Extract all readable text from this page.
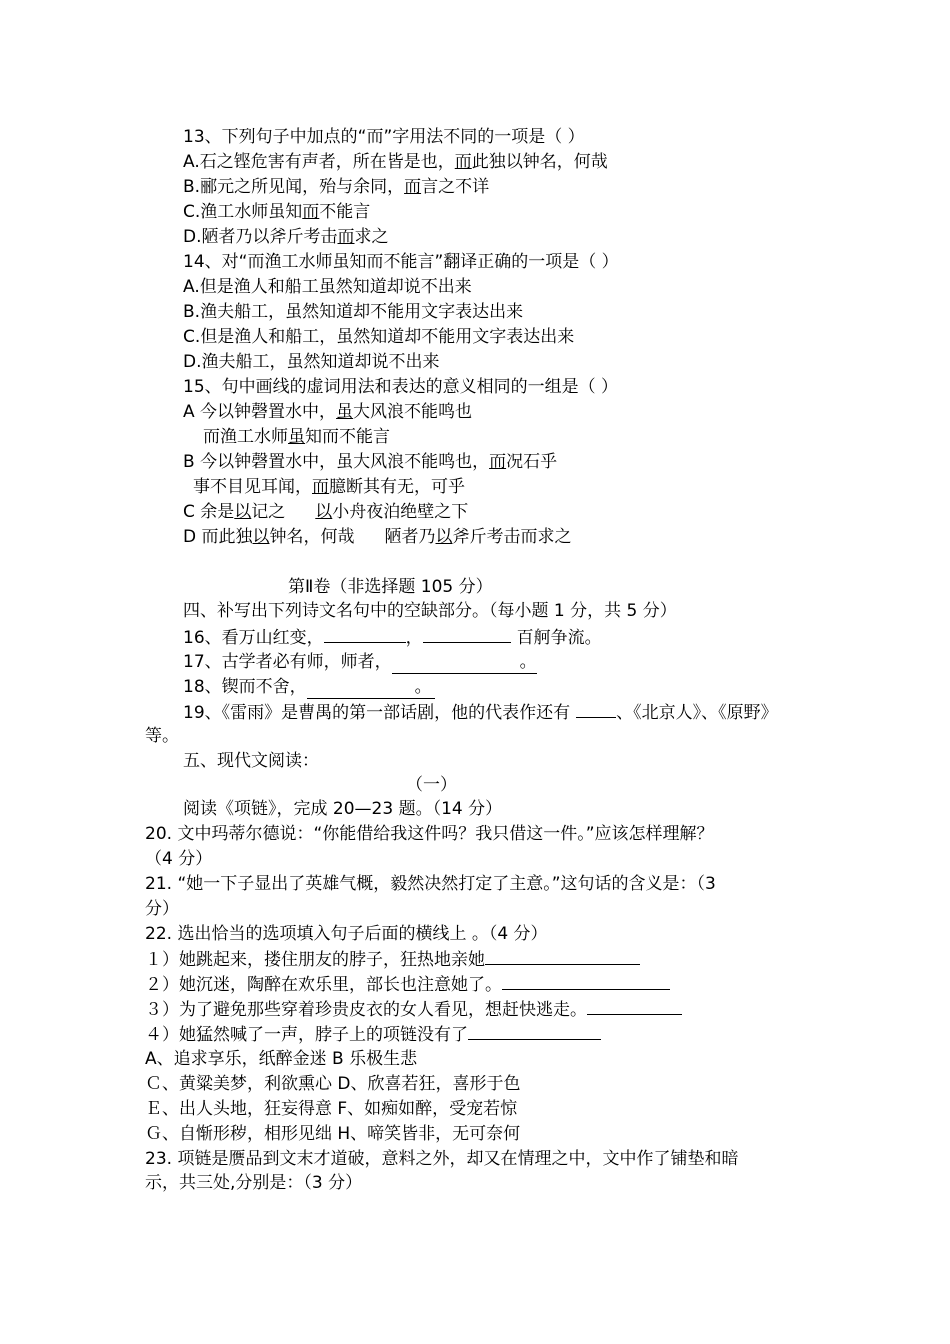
13、下列句子中加点的“而”字用法不同的一项是（ ）
A.石之铿危害有声者，所在皆是也，而此独以钟名，何哉
B.郦元之所见闻，殆与余同，而言之不详
C.渔工水师虽知而不能言
D.陋者乃以斧斤考击而求之
14、对“而渔工水师虽知而不能言”翻译正确的一项是（ ）
A.但是渔人和船工虽然知道却说不出来
B.渔夫船工，虽然知道却不能用文字表达出来
C.但是渔人和船工，虽然知道却不能用文字表达出来
D.渔夫船工，虽然知道却说不出来
15、句中画线的虚词用法和表达的意义相同的一组是（ ）
A 今以钟磬置水中，虽大风浪不能鸣也
而渔工水师虽知而不能言
B 今以钟磬置水中，虽大风浪不能鸣也，而况石乎
事不目见耳闻，而臆断其有无，可乎
C 余是以记之 以小舟夜泊绝壁之下
D 而此独以钟名，何哉 陋者乃以斧斤考击而求之
第Ⅱ卷（非选择题 105 分）
四、补写出下列诗文名句中的空缺部分。（每小题 1 分，共 5 分）
16、看万山红变，	，	百舸争流。
17、古学者必有师，师者，	。
18、锲而不舍，	。
19、《雷雨》是曹禺的第一部话剧，他的代表作还有	、《北京人》、《原野》
等。
五、现代文阅读：
（一）
阅读《项链》，完成 20—23 题。（14 分）
20. 文中玛蒂尔德说：“你能借给我这件吗？我只借这一件。”应该怎样理解？
（4 分）
21. “她一下子显出了英雄气概，毅然决然打定了主意。”这句话的含义是：（3
分）
22. 选出恰当的选项填入句子后面的横线上 。（4 分）
１）她跳起来，搂住朋友的脖子，狂热地亲她
２）她沉迷，陶醉在欢乐里，部长也注意她了。
３）为了避免那些穿着珍贵皮衣的女人看见，想赶快逃走。
４）她猛然喊了一声，脖子上的项链没有了
A、追求享乐，纸醉金迷 B 乐极生悲
Ｃ、黄粱美梦，利欲熏心 D、欣喜若狂，喜形于色
Ｅ、出人头地，狂妄得意 F、如痴如醉，受宠若惊
Ｇ、自惭形秽，相形见绌 H、啼笑皆非，无可奈何
23. 项链是赝品到文末才道破，意料之外，却又在情理之中，文中作了铺垫和暗
示，共三处,分别是：（3 分）
